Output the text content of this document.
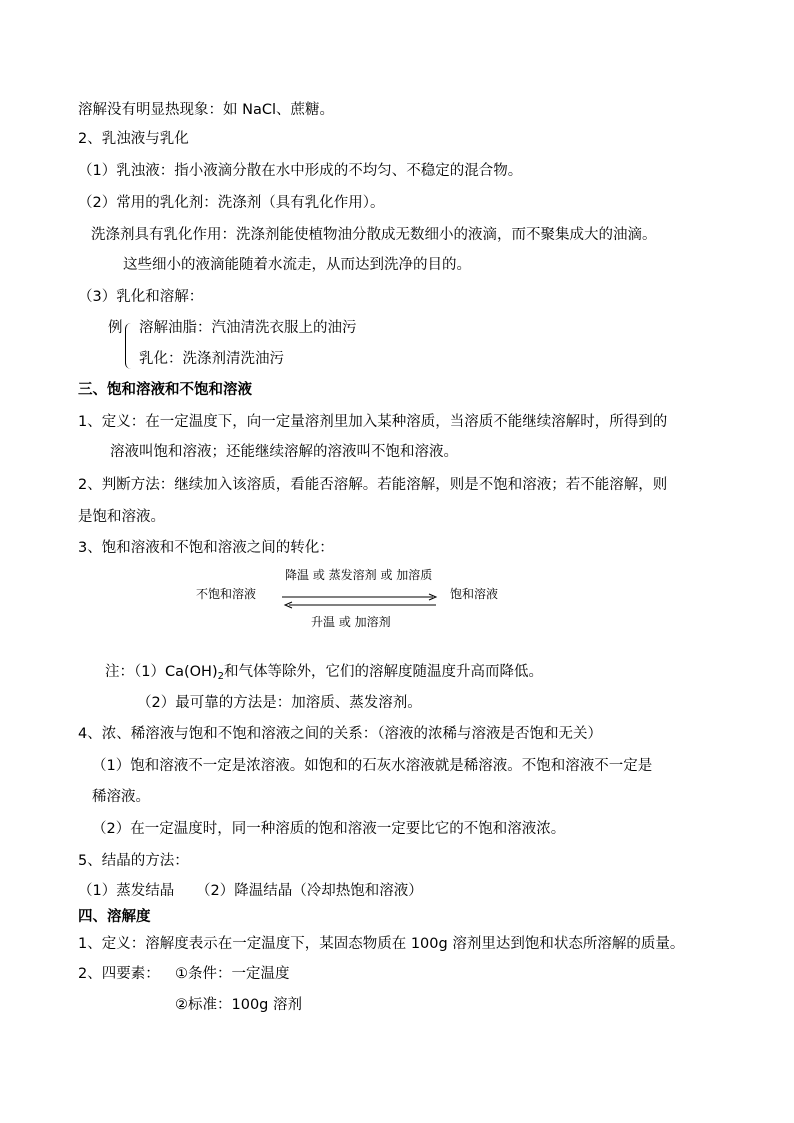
溶解没有明显热现象：如 NaCl、蔗糖。
2、乳浊液与乳化
（1）乳浊液：指小液滴分散在水中形成的不均匀、不稳定的混合物。
（2）常用的乳化剂：洗涤剂（具有乳化作用）。
洗涤剂具有乳化作用：洗涤剂能使植物油分散成无数细小的液滴，而不聚集成大的油滴。
这些细小的液滴能随着水流走，从而达到洗净的目的。
（3）乳化和溶解：
例 溶解油脂：汽油清洗衣服上的油污
乳化：洗涤剂清洗油污
三、饱和溶液和不饱和溶液
1、定义：在一定温度下，向一定量溶剂里加入某种溶质，当溶质不能继续溶解时，所得到的
溶液叫饱和溶液；还能继续溶解的溶液叫不饱和溶液。
2、判断方法：继续加入该溶质，看能否溶解。若能溶解，则是不饱和溶液；若不能溶解，则
是饱和溶液。
3、饱和溶液和不饱和溶液之间的转化：
降温 或 蒸发溶剂 或 加溶质
不饱和溶液	饱和溶液
升温 或 加溶剂
注：$(1)Ca(OH)_2$和气体等除外，它们的溶解度随温度升高而降低。
（2）最可靠的方法是：加溶质、蒸发溶剂。
4、浓、稀溶液与饱和不饱和溶液之间的关系：（溶液的浓稀与溶液是否饱和无关）
（1）饱和溶液不一定是浓溶液。如饱和的石灰水溶液就是稀溶液。不饱和溶液不一定是
稀溶液。
（2）在一定温度时，同一种溶质的饱和溶液一定要比它的不饱和溶液浓。
5、结晶的方法：
（1）蒸发结晶　　（2）降温结晶（冷却热饱和溶液）
四、溶解度
1、定义：溶解度表示在一定温度下，某固态物质在 100g 溶剂里达到饱和状态所溶解的质量。
2、四要素： ①条件：一定温度
②标准：100g 溶剂
